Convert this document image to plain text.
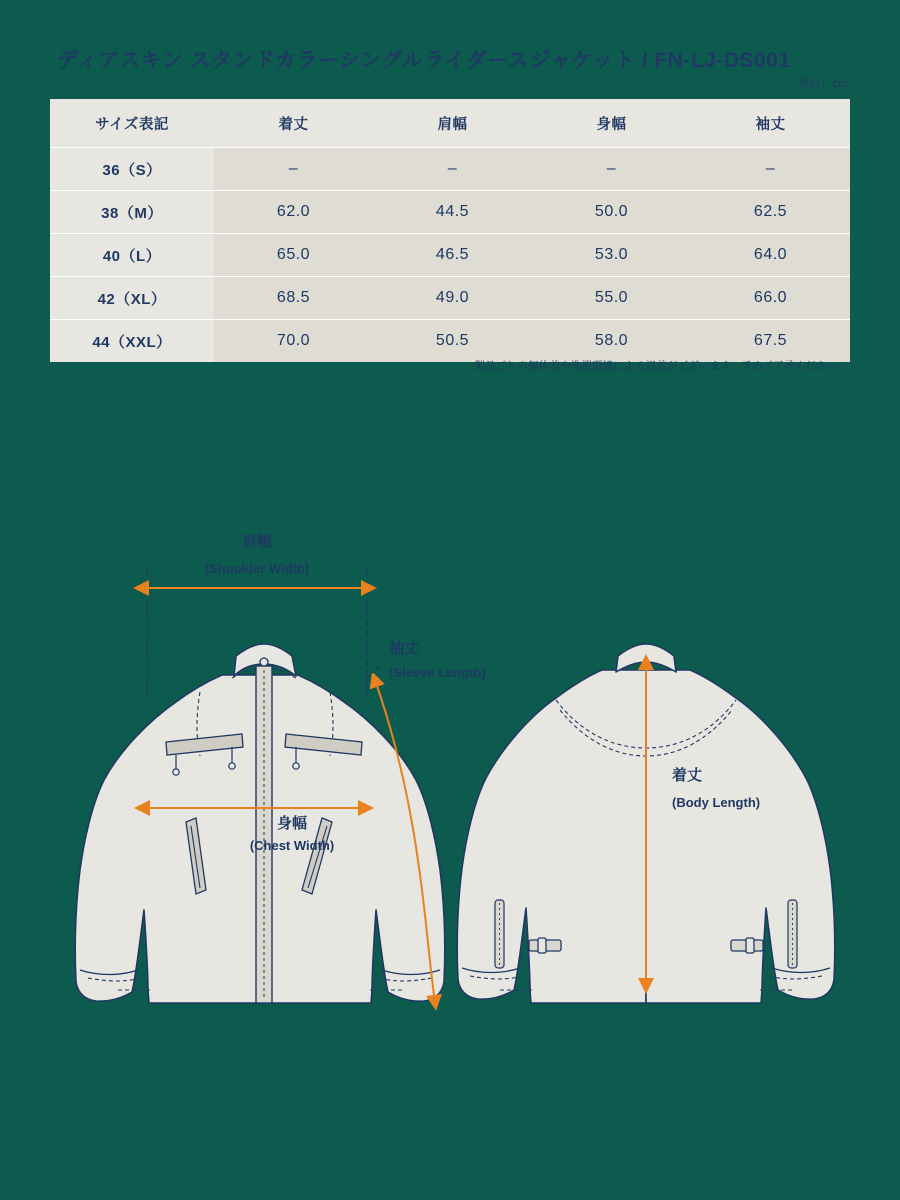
ディアスキン スタンドカラーシングルライダースジャケット / FN-LJ-DS001
単位：cm
サイズ表記	着丈	肩幅	身幅	袖丈
36（S）	–	–	–	–
38（M）	62.0	44.5	50.0	62.5
40（L）	65.0	46.5	53.0	64.0
42（XL）	68.5	49.0	55.0	66.0
44（XXL）	70.0	50.5	58.0	67.5
製品ごとの個体差や洗濯環境による誤差がございます。予めご了承ください。
肩幅
(Shoulder Width)
身幅
(Chest Width)
袖丈
(Sleeve Length)
着丈
(Body Length)
